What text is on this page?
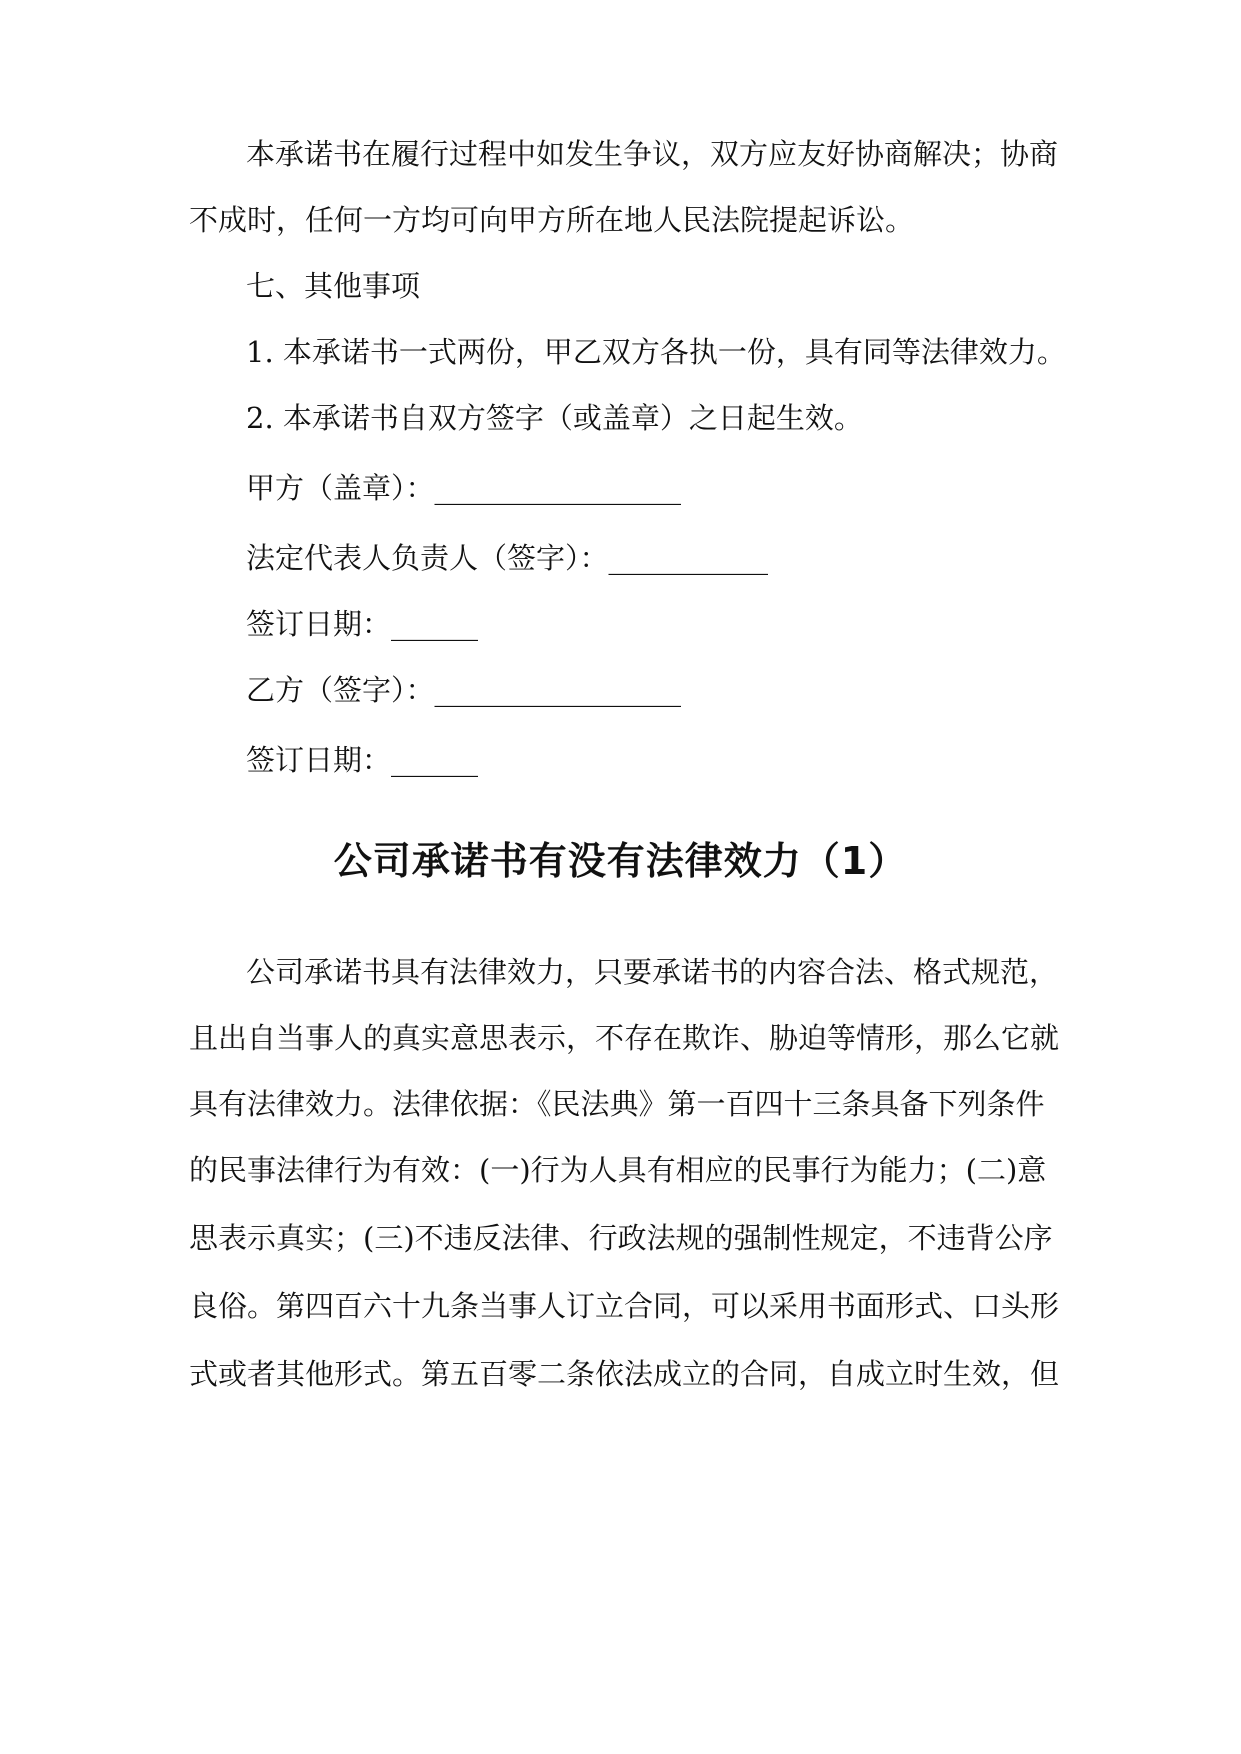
本承诺书在履行过程中如发生争议，双方应友好协商解决；协商
不成时，任何一方均可向甲方所在地人民法院提起诉讼。
七、其他事项
1. 本承诺书一式两份，甲乙双方各执一份，具有同等法律效力。
2. 本承诺书自双方签字（或盖章）之日起生效。
甲方（盖章）：_________________
法定代表人负责人（签字）：___________
签订日期：______
乙方（签字）：_________________
签订日期：______
公司承诺书有没有法律效力（1）
公司承诺书具有法律效力，只要承诺书的内容合法、格式规范，
且出自当事人的真实意思表示，不存在欺诈、胁迫等情形，那么它就
具有法律效力。法律依据：《民法典》第一百四十三条具备下列条件
的民事法律行为有效：(一)行为人具有相应的民事行为能力；(二)意
思表示真实；(三)不违反法律、行政法规的强制性规定，不违背公序
良俗。第四百六十九条当事人订立合同，可以采用书面形式、口头形
式或者其他形式。第五百零二条依法成立的合同，自成立时生效，但
